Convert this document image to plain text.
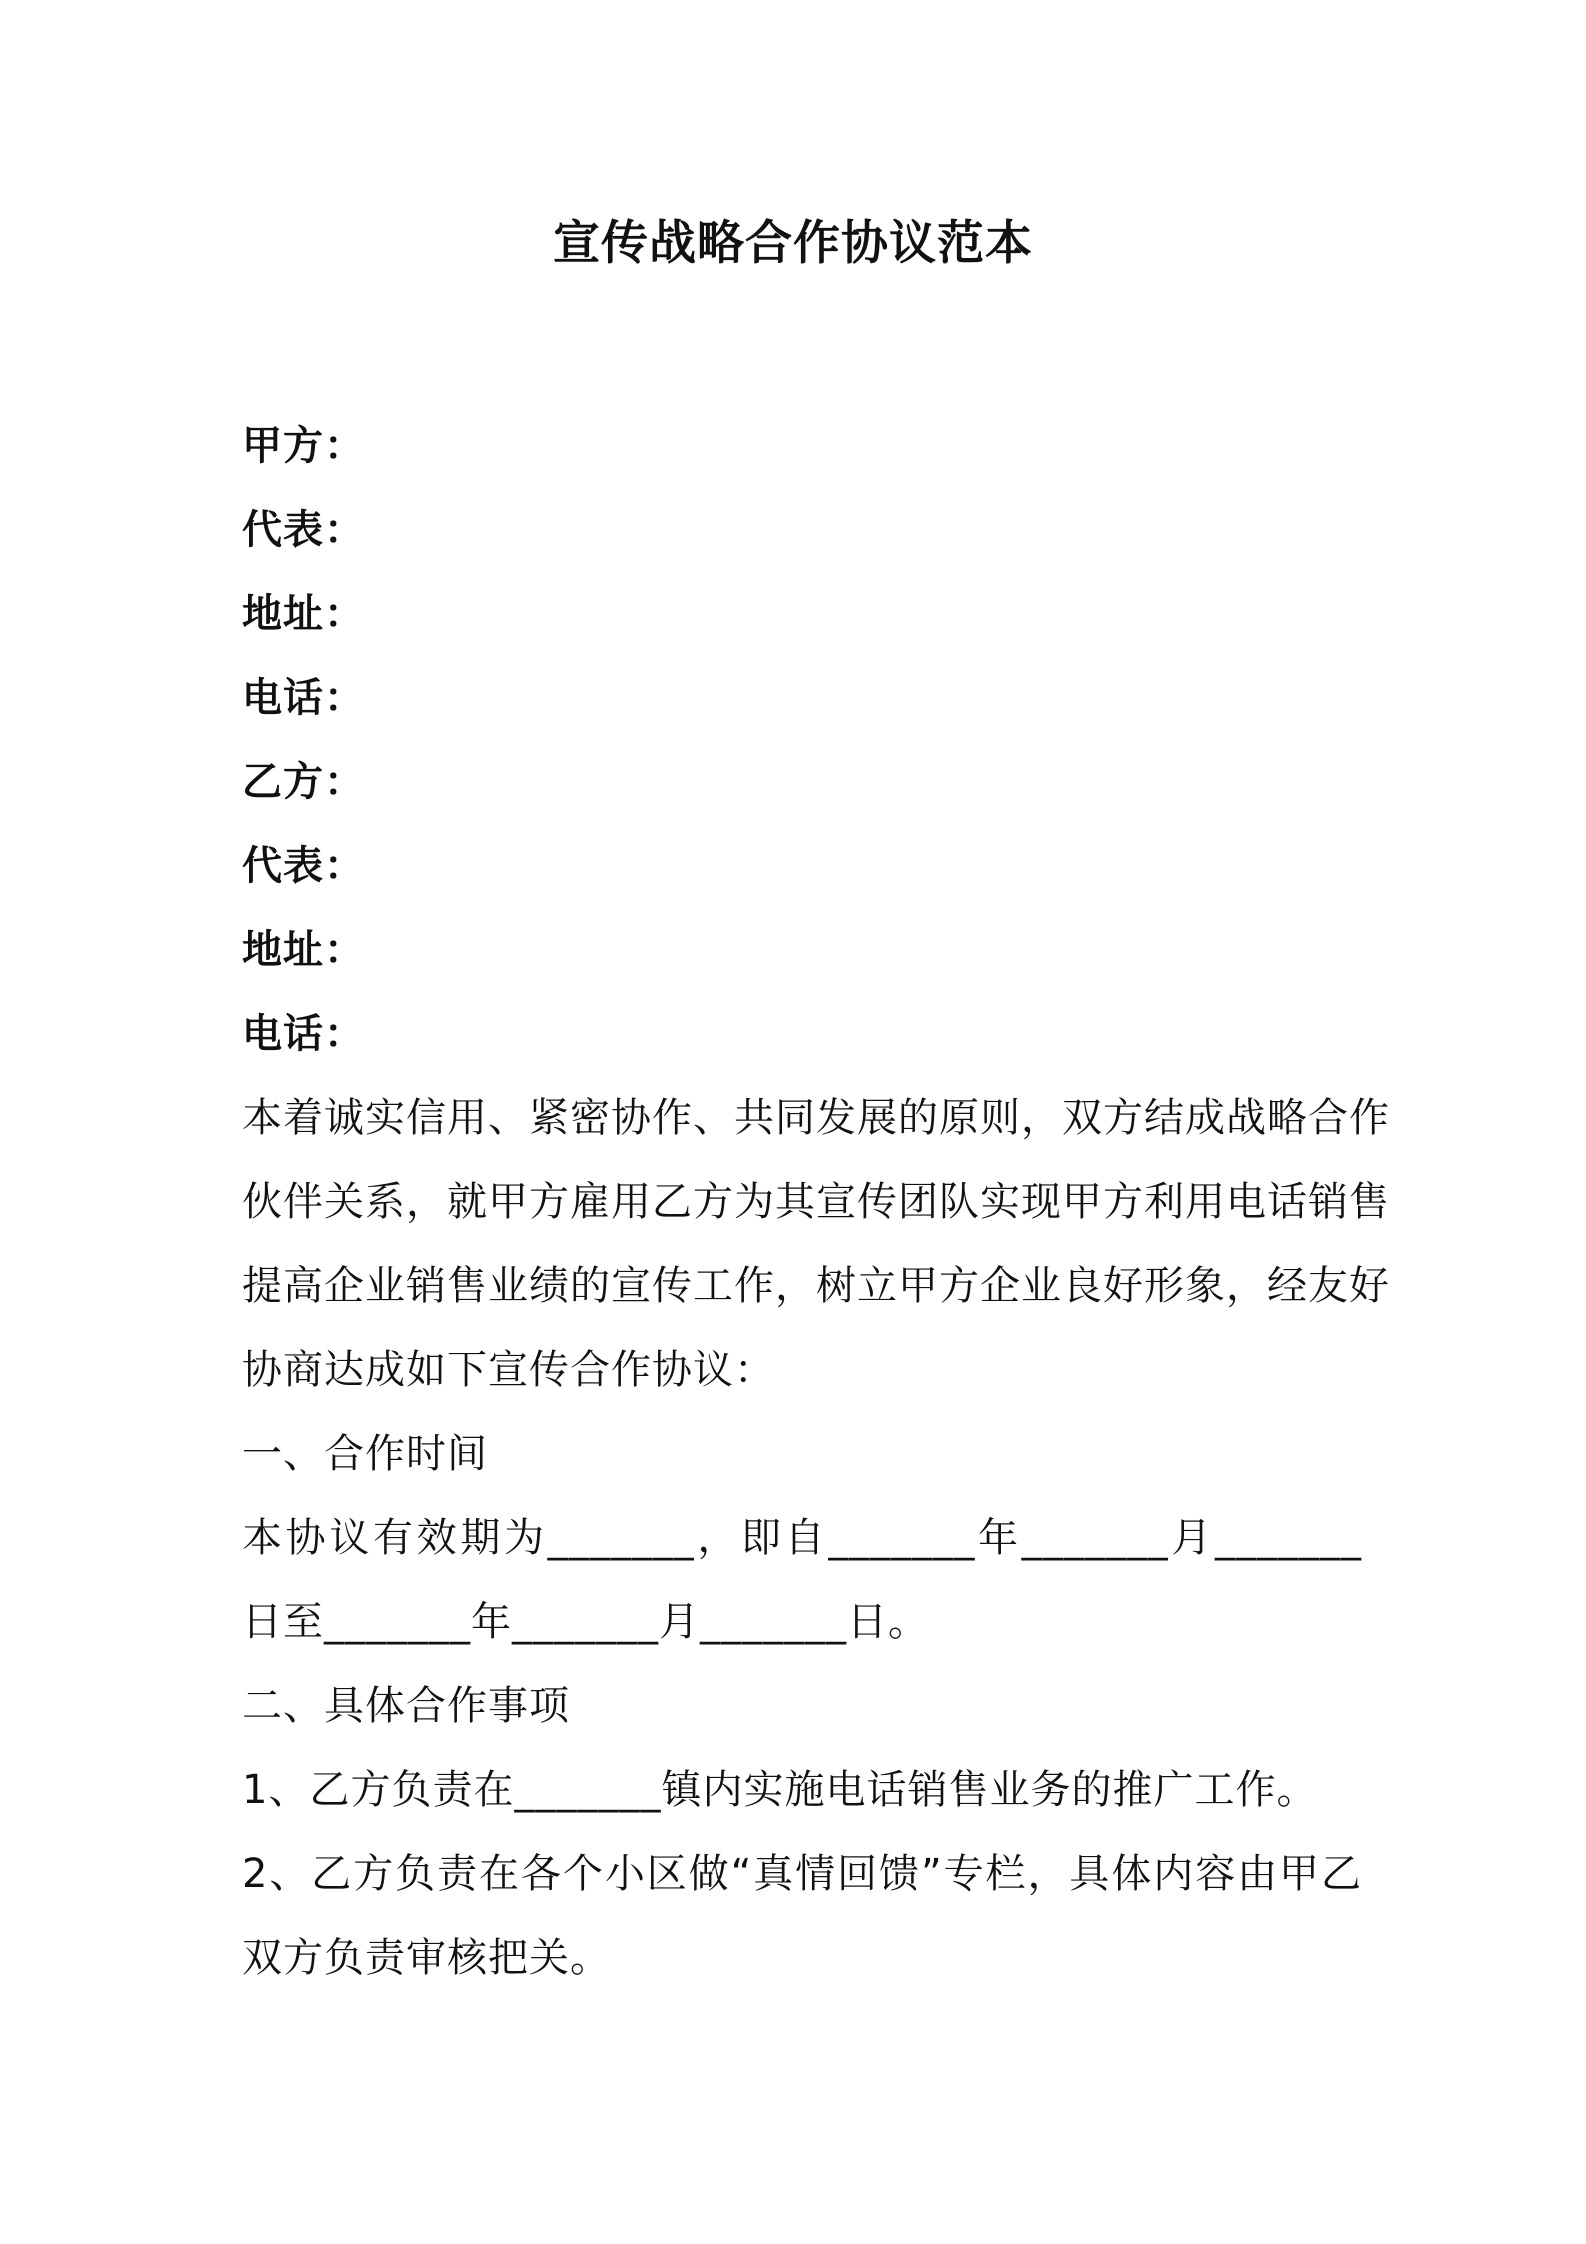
宣传战略合作协议范本
甲方：
代表：
地址：
电话：
乙方：
代表：
地址：
电话：
本着诚实信用、紧密协作、共同发展的原则，双方结成战略合作
伙伴关系，就甲方雇用乙方为其宣传团队实现甲方利用电话销售
提高企业销售业绩的宣传工作，树立甲方企业良好形象，经友好
协商达成如下宣传合作协议：
一、合作时间
本协议有效期为_______，即自_______年_______月_______
日至_______年_______月_______日。
二、具体合作事项
1、乙方负责在_______镇内实施电话销售业务的推广工作。
2、乙方负责在各个小区做“真情回馈”专栏，具体内容由甲乙
双方负责审核把关。
